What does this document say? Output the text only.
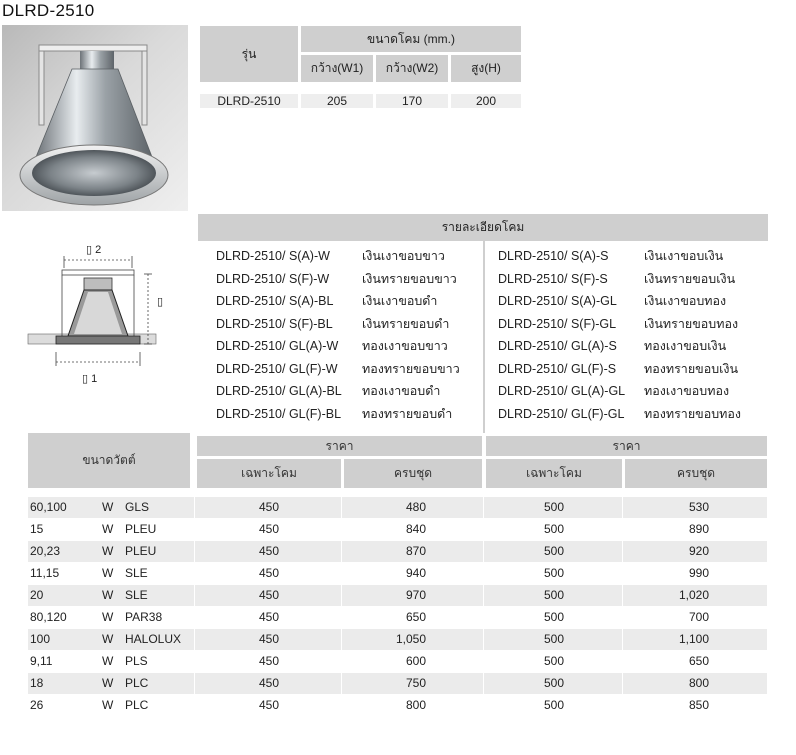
DLRD-2510
รุ่น
ขนาดโคม (mm.)
กว้าง(W1)	กว้าง(W2)	สูง(H)
DLRD-2510	205	170	200
▯ 2
▯
▯ 1
รายละเอียดโคม
DLRD-2510/ S(A)-W	เงินเงาขอบขาว
DLRD-2510/ S(F)-W	เงินทรายขอบขาว
DLRD-2510/ S(A)-BL	เงินเงาขอบดำ
DLRD-2510/ S(F)-BL	เงินทรายขอบดำ
DLRD-2510/ GL(A)-W	ทองเงาขอบขาว
DLRD-2510/ GL(F)-W	ทองทรายขอบขาว
DLRD-2510/ GL(A)-BL	ทองเงาขอบดำ
DLRD-2510/ GL(F)-BL	ทองทรายขอบดำ
DLRD-2510/ S(A)-S	เงินเงาขอบเงิน
DLRD-2510/ S(F)-S	เงินทรายขอบเงิน
DLRD-2510/ S(A)-GL	เงินเงาขอบทอง
DLRD-2510/ S(F)-GL	เงินทรายขอบทอง
DLRD-2510/ GL(A)-S	ทองเงาขอบเงิน
DLRD-2510/ GL(F)-S	ทองทรายขอบเงิน
DLRD-2510/ GL(A)-GL	ทองเงาขอบทอง
DLRD-2510/ GL(F)-GL	ทองทรายขอบทอง
ขนาดวัตต์
ราคา	ราคา
เฉพาะโคม	ครบชุด	เฉพาะโคม	ครบชุด
60,100	W GLS	450	480	500	530
15	W PLEU	450	840	500	890
20,23	W PLEU	450	870	500	920
11,15	W SLE	450	940	500	990
20	W SLE	450	970	500	1,020
80,120	W PAR38	450	650	500	700
100	W HALOLUX	450	1,050	500	1,100
9,11	W PLS	450	600	500	650
18	W PLC	450	750	500	800
26	W PLC	450	800	500	850
